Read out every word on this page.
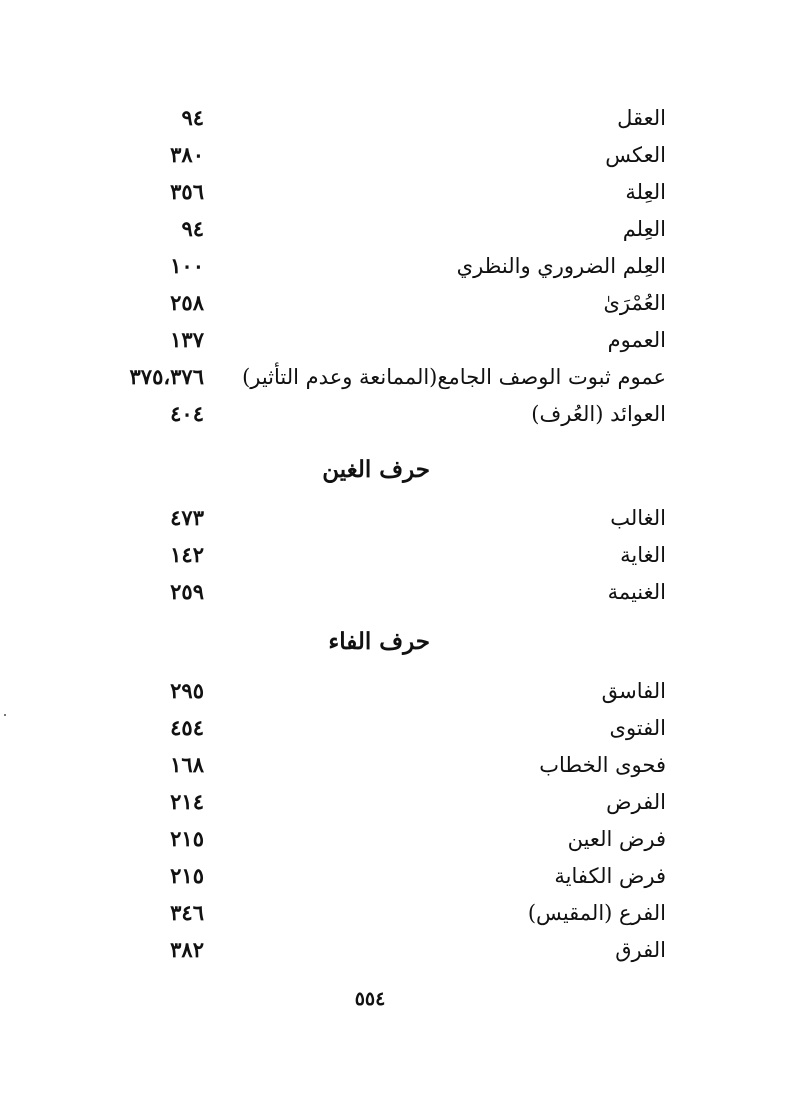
العقل
٩٤
العكس
٣٨٠
العِلة
٣٥٦
العِلم
٩٤
العِلم الضروري والنظري
١٠٠
العُمْرَىٰ
٢٥٨
العموم
١٣٧
عموم ثبوت الوصف الجامع(الممانعة وعدم التأثير)
٣٧٥،٣٧٦
العوائد (العُرف)
٤٠٤
حرف الغين
الغالب
٤٧٣
الغاية
١٤٢
الغنيمة
٢٥٩
حرف الفاء
الفاسق
٢٩٥
الفتوى
٤٥٤
فحوى الخطاب
١٦٨
الفرض
٢١٤
فرض العين
٢١٥
فرض الكفاية
٢١٥
الفرع (المقيس)
٣٤٦
الفرق
٣٨٢
٥٥٤
